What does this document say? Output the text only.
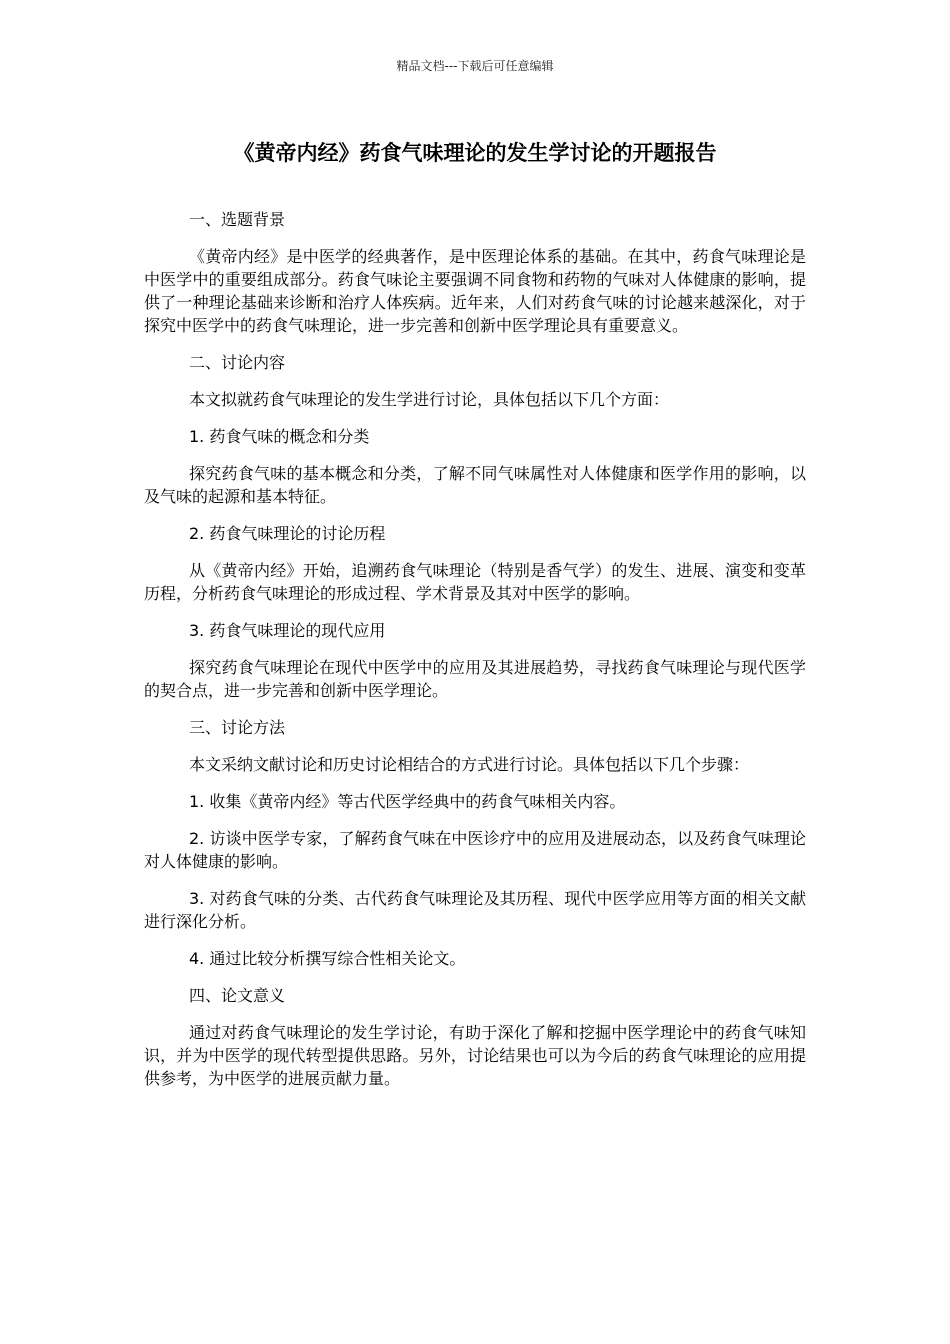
精品文档---下载后可任意编辑
《黄帝内经》药食气味理论的发生学讨论的开题报告

一、选题背景

《黄帝内经》是中医学的经典著作，是中医理论体系的基础。在其中，药食气味理论是中医学中的重要组成部分。药食气味论主要强调不同食物和药物的气味对人体健康的影响，提供了一种理论基础来诊断和治疗人体疾病。近年来，人们对药食气味的讨论越来越深化，对于探究中医学中的药食气味理论，进一步完善和创新中医学理论具有重要意义。

二、讨论内容

本文拟就药食气味理论的发生学进行讨论，具体包括以下几个方面：

1. 药食气味的概念和分类

探究药食气味的基本概念和分类，了解不同气味属性对人体健康和医学作用的影响，以及气味的起源和基本特征。

2. 药食气味理论的讨论历程

从《黄帝内经》开始，追溯药食气味理论（特别是香气学）的发生、进展、演变和变革历程，分析药食气味理论的形成过程、学术背景及其对中医学的影响。

3. 药食气味理论的现代应用

探究药食气味理论在现代中医学中的应用及其进展趋势，寻找药食气味理论与现代医学的契合点，进一步完善和创新中医学理论。

三、讨论方法

本文采纳文献讨论和历史讨论相结合的方式进行讨论。具体包括以下几个步骤：

1. 收集《黄帝内经》等古代医学经典中的药食气味相关内容。

2. 访谈中医学专家，了解药食气味在中医诊疗中的应用及进展动态，以及药食气味理论对人体健康的影响。

3. 对药食气味的分类、古代药食气味理论及其历程、现代中医学应用等方面的相关文献进行深化分析。

4. 通过比较分析撰写综合性相关论文。

四、论文意义

通过对药食气味理论的发生学讨论，有助于深化了解和挖掘中医学理论中的药食气味知识，并为中医学的现代转型提供思路。另外，讨论结果也可以为今后的药食气味理论的应用提供参考，为中医学的进展贡献力量。
